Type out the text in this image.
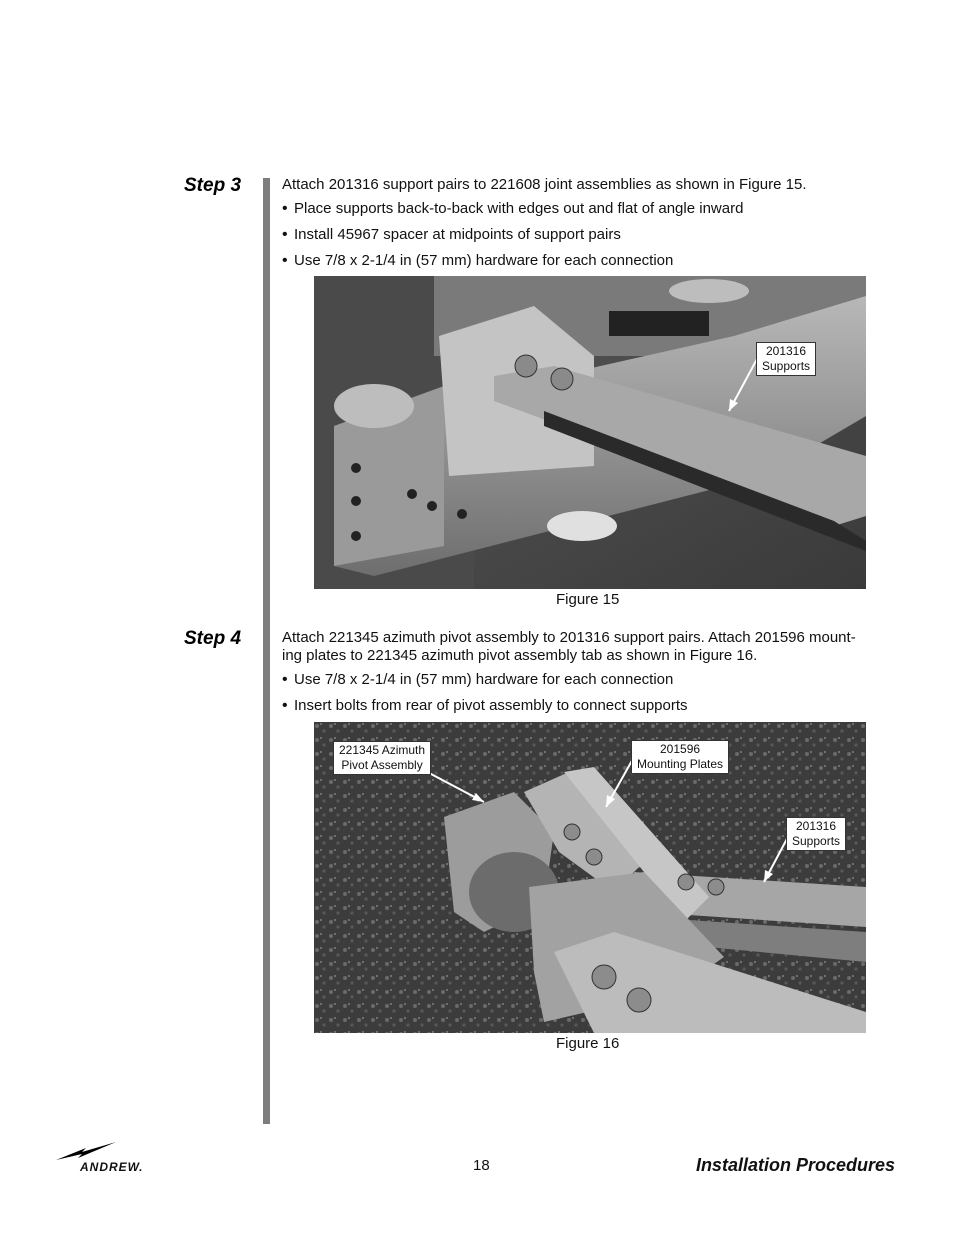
Step 3	Attach 201316 support pairs to 221608 joint assemblies as shown in Figure 15.
• Place supports back-to-back with edges out and flat of angle inward
• Install 45967 spacer at midpoints of support pairs
• Use 7/8 x 2-1/4 in (57 mm) hardware for each connection
201316
Supports
Figure 15
Step 4	Attach 221345 azimuth pivot assembly to 201316 support pairs. Attach 201596 mount-
ing plates to 221345 azimuth pivot assembly tab as shown in Figure 16.
• Use 7/8 x 2-1/4 in (57 mm) hardware for each connection
• Insert bolts from rear of pivot assembly to connect supports
221345 Azimuth
Pivot Assembly
201596
Mounting Plates
201316
Supports
Figure 16
ANDREW.	18	Installation Procedures
